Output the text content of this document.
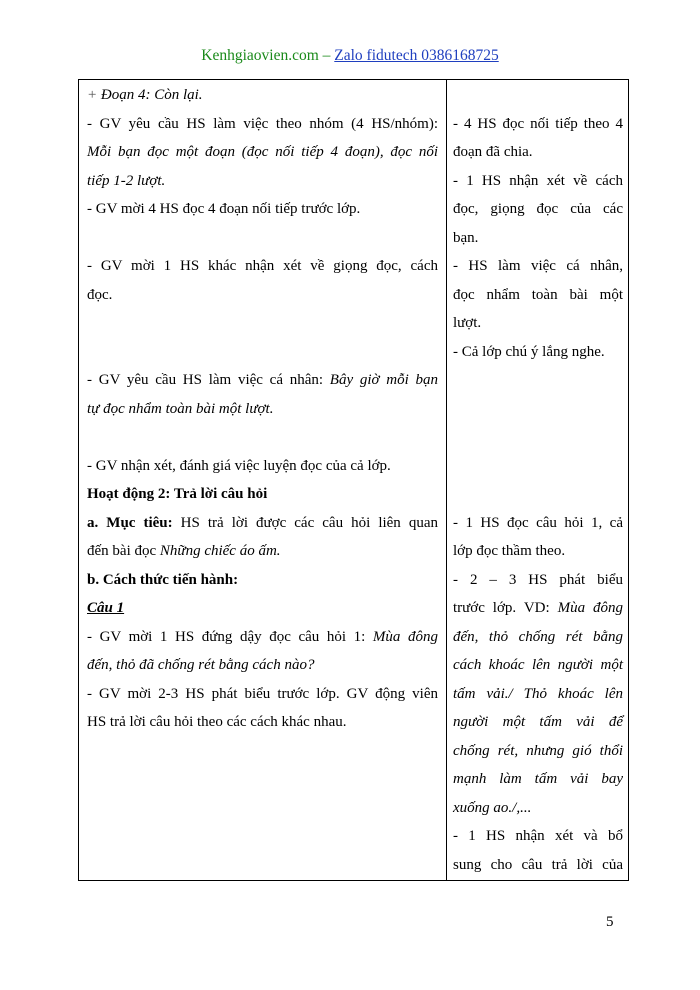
Kenhgiaovien.com – Zalo fidutech 0386168725
+ Đoạn 4: Còn lại.
- GV yêu cầu HS làm việc theo nhóm (4 HS/nhóm):
Mỗi bạn đọc một đoạn (đọc nối tiếp 4 đoạn), đọc nối
tiếp 1-2 lượt.
- GV mời 4 HS đọc 4 đoạn nối tiếp trước lớp.
- GV mời 1 HS khác nhận xét về giọng đọc, cách
đọc.
- GV yêu cầu HS làm việc cá nhân: Bây giờ mỗi bạn
tự đọc nhẩm toàn bài một lượt.
- GV nhận xét, đánh giá việc luyện đọc của cả lớp.
Hoạt động 2: Trả lời câu hỏi
a. Mục tiêu: HS trả lời được các câu hỏi liên quan
đến bài đọc Những chiếc áo ấm.
b. Cách thức tiến hành:
Câu 1
- GV mời 1 HS đứng dậy đọc câu hỏi 1: Mùa đông
đến, thỏ đã chống rét bằng cách nào?
- GV mời 2-3 HS phát biểu trước lớp. GV động viên
HS trả lời câu hỏi theo các cách khác nhau.
- 4 HS đọc nối tiếp theo 4
đoạn đã chia.
- 1 HS nhận xét về cách
đọc, giọng đọc của các
bạn.
- HS làm việc cá nhân,
đọc nhẩm toàn bài một
lượt.
- Cả lớp chú ý lắng nghe.
- 1 HS đọc câu hỏi 1, cả
lớp đọc thầm theo.
- 2 – 3 HS phát biểu
trước lớp. VD: Mùa đông
đến, thỏ chống rét bằng
cách khoác lên người một
tấm vải./ Thỏ khoác lên
người một tấm vải để
chống rét, nhưng gió thổi
mạnh làm tấm vải bay
xuống ao./,...
- 1 HS nhận xét và bổ
sung cho câu trả lời của
5
